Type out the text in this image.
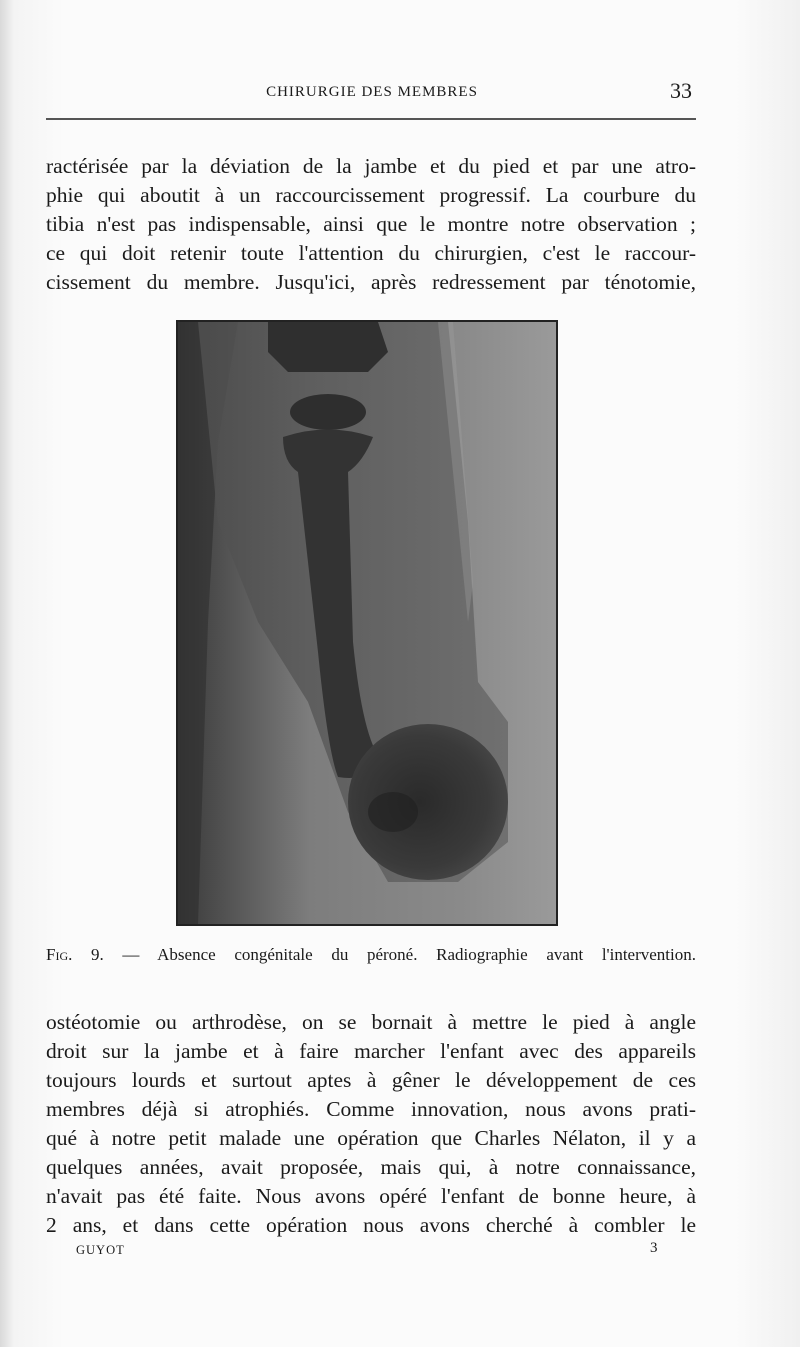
CHIRURGIE DES MEMBRES	33
ractérisée par la déviation de la jambe et du pied et par une atro-
phie qui aboutit à un raccourcissement progressif. La courbure du
tibia n'est pas indispensable, ainsi que le montre notre observation ;
ce qui doit retenir toute l'attention du chirurgien, c'est le raccour-
cissement du membre. Jusqu'ici, après redressement par ténotomie,
Fig. 9. — Absence congénitale du péroné. Radiographie avant l'intervention.
ostéotomie ou arthrodèse, on se bornait à mettre le pied à angle
droit sur la jambe et à faire marcher l'enfant avec des appareils
toujours lourds et surtout aptes à gêner le développement de ces
membres déjà si atrophiés. Comme innovation, nous avons prati-
qué à notre petit malade une opération que Charles Nélaton, il y a
quelques années, avait proposée, mais qui, à notre connaissance,
n'avait pas été faite. Nous avons opéré l'enfant de bonne heure, à
2 ans, et dans cette opération nous avons cherché à combler le
GUYOT	3
